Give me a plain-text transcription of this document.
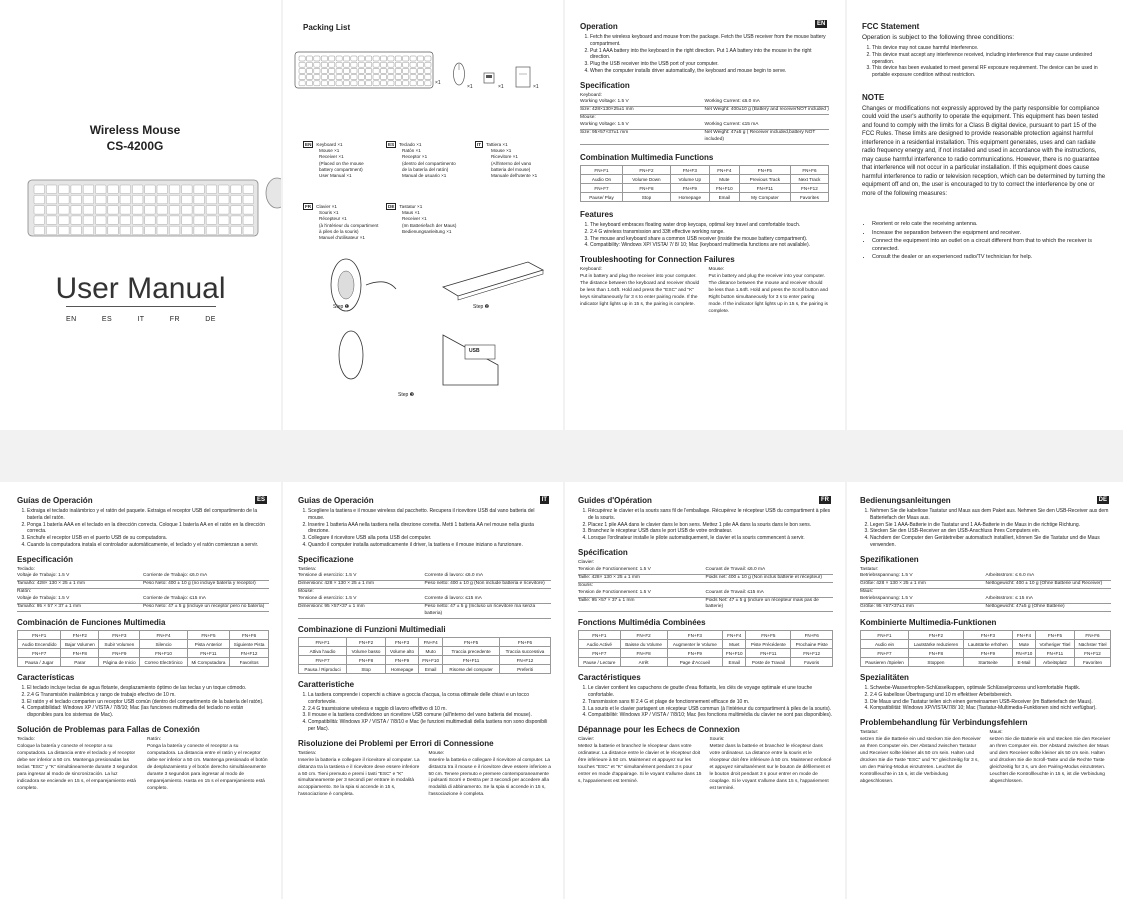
Wireless Mouse
CS-4200G
User Manual
EN	ES	IT	FR	DE
Packing List
×1
×1	×1	×1
EN Keyboard ×1
Mouse ×1
Receiver ×1
(Placed on the mouse
battery compartment)
User Manual ×1
ES Teclado ×1
Ratón ×1
Receptor ×1
(dentro del compartimento
de la batería del ratón)
Manual de usuario ×1
IT Tattiera ×1
Mouse ×1
Ricevitore ×1
(All'interno del vano
batteria del mouse)
Manuale dell'utente ×1
FR Clavier ×1
Souris ×1
Récepteur ×1
(à l'intérieur du compartiment
à piles de la souris)
Manuel d'utilisateur ×1
DE Tastatur ×1
Maus ×1
Receiver ×1
(Im Batteriefach der Maus)
Bedienungsanleitung ×1
Step ❶	Step ❷
USB
Step ❸
EN
Operation
1. Fetch the wireless keyboard and mouse from the package. Fetch the USB receiver from the mouse battery compartment.
2. Put 1 AAA battery into the keyboard in the right direction. Put 1 AA battery into the mouse in the right direction.
3. Plug the USB receiver into the USB port of your computer.
4. When the computer installs driver automatically, the keyboard and mouse begin to serve.
Specification
Keyboard:
Working Voltage: 1.5 V	Working Current: ≤6.0 mA
Size: 428×130×25±1 mm	Net Weight: 400±10 g (Battery and receiverNOT included )
Mouse:
Working Voltage: 1.5 V	Working Current: ≤15 mA
Size: 95×57×37±1 mm	Net Weight: 47±5 g ( Receiver included,battery NOT included)
Combination Multimedia Functions
FN+F1	FN+F2	FN+F3	FN+F4	FN+F5	FN+F6
Audio On	Volume Down	Volume Up	Mute	Previous Track	Next Track
FN+F7	FN+F8	FN+F9	FN+F10	FN+F11	FN+F12
Pause/ Play	Stop	Homepage	Email	My Computer	Favorites
Features
1. The keyboard embraces floating water drop keycaps, optimal key travel and comfortable touch.
2. 2.4 G wireless transmission and 33ft effective working range.
3. The mouse and keyboard share a common USB receiver (inside the mouse battery compartment).
4. Compatibility: Windows XP/ VISTA/ 7/ 8/ 10; Mac (keyboard multimedia functions are not available).
Troubleshooting for Connection Failures
Keyboard:
Put in battery and plug the receiver into your computer. The distance between the keyboard and receiver should be less than 1.64ft. Hold and press the "ESC" and "K" keys simultaneously for 3 s to enter pairing mode. If the indicator light lights up in 15 s, the pairing is complete.
Mouse:
Put in battery and plug the receiver into your computer. The distance between the mouse and receiver should be less than 1.64ft. Hold and press the Scroll button and Right button simultaneously for 3 s to enter paring mode. If the indicator light lights up in 15 s, the pairing is complete.
FCC Statement
Operation is subject to the following three conditions:
1. This device may not cause harmful interference.
2. This device must accept any interference received, including interference that may cause undesired operation.
3. This device has been evaluated to meet general RF exposure requirement. The device can be used in portable exposure condition without restriction.
NOTE
Changes or modifications not expressly approved by the party responsible for compliance could void the user's authority to operate the equipment. This equipment has been tested and found to comply with the limits for a Class B digital device, pursuant to part 15 of the FCC Rules. These limits are designed to provide reasonable protection against harmful interference in a residential installation. This equipment generates, uses and can radiate radio frequency energy and, if not installed and used in accordance with the instructions, may cause harmful interference to radio communications. However, there is no guarantee that interference will not occur in a particular installation. If this equipment does cause harmful interference to radio or television reception, which can be determined by turning the equipment off and on, the user is encouraged to try to correct the interference by one or more of the following measures:
• Reorient or relo cate the receiving antenna.
• Increase the separation between the equipment and receiver.
• Connect the equipment into an outlet on a circuit different from that to which the receiver is connected.
• Consult the dealer or an experienced radio/TV technician for help.
ES
Guías de Operación
1. Extraiga el teclado inalámbrico y el ratón del paquete. Extraiga el receptor USB del compartimento de la batería del ratón.
2. Ponga 1 batería AAA en el teclado en la dirección correcta. Coloque 1 batería AA en el ratón en la dirección correcta.
3. Enchufe el receptor USB en el puerto USB de su computadora.
4. Cuando la computadora instala el controlador automáticamente, el teclado y el ratón comienzan a servir.
Especificación
Teclado:
Voltaje de Trabajo: 1.5 V	Corriente de Trabajo: ≤6.0 mA
Tamaño: 428× 130 × 25 ± 1 mm	Peso Neto: 400 ± 10 g (no incluye batería y receptor)
Ratón:
Voltaje de Trabajo: 1.5 V	Corriente de Trabajo: ≤15 mA
Tamaño: 95 × 57 × 37 ± 1 mm	Peso Neto: 47 ± 5 g (incluye un receptor pero no batería)
Combinación de Funciones Multimedia
FN+F1	FN+F2	FN+F3	FN+F4	FN+F5	FN+F6
Audio Encendido	Bajar Volumen	Subir Volumen	Silencio	Pista Anterior	Siguiente Pista
FN+F7	FN+F8	FN+F9	FN+F10	FN+F11	FN+F12
Pausa / Jugar	Parar	Página de Inicio	Correo Electrónico	Mi Computadora	Favoritos
Características
1. El teclado incluye teclas de agua flotante, desplazamiento óptimo de las teclas y un toque cómodo.
2. 2.4 G Transmisión inalámbrica y rango de trabajo efectivo de 10 m.
3. El ratón y el teclado comparten un receptor USB común (dentro del compartimento de la batería del ratón).
4. Compatibilidad: Windows XP / VISTA / 7/8/10; Mac (las funciones multimedia del teclado no están disponibles para los sistemas de Mac).
Solución de Problemas para Fallas de Conexión
Teclado:
Coloque la batería y conecte el receptor a su computadora. La distancia entre el teclado y el receptor debe ser inferior a 50 cm. Mantenga presionadas las teclas "ESC" y "K" simultáneamente durante 3 segundos para ingresar al modo de sincronización. La luz indicadora se enciende en 15 s, el emparejamiento está completo.
Ratón:
Ponga la batería y conecte el receptor a su computadora. La distancia entre el ratón y el receptor debe ser inferior a 50 cm. Mantenga presionado el botón de desplazamiento y el botón derecho simultáneamente durante 3 segundos para ingresar al modo de emparejamiento. Hasta en 15 s el emparejamiento está completo.
IT
Guias de Operación
1. Scegliere la tastiera e il mouse wireless dal pacchetto. Recupera il ricevitore USB dal vano batteria del mouse.
2. Inserire 1 batteria AAA nella tastiera nella direzione corretta. Metti 1 batteria AA nel mouse nella giusta direzione.
3. Collegare il ricevitore USB alla porta USB del computer.
4. Quando il computer installa automaticamente il driver, la tastiera e il mouse iniziano a funzionare.
Specificazione
Tastiera:
Tensione di esercizio: 1.5 V	Corrente di lavoro: ≤6.0 mA
Dimensioni: 428 × 130 × 25 ± 1 mm	Peso netto: 400 ± 10 g (Non include batteria e ricevitore)
Mouse:
Tensione di esercizio: 1.5 V	Corrente di lavoro: ≤15 mA
Dimensioni: 95 ×57×37 ± 1 mm	Peso netto: 47 ± 5 g (Incluso un ricevitore ma senza batteria)
Combinazione di Funzioni Multimediali
FN+F1	FN+F2	FN+F3	FN+F4	FN+F5	FN+F6
Attiva l'audio	Volume basso	Volume alto	Muto	Traccia precedente	Traccia successiva
FN+F7	FN+F8	FN+F9	FN+F10	FN+F11	FN+F12
Pausa / Riproduci	Stop	Homepage	Email	Risorse del computer	Preferiti
Caratteristiche
1. La tastiera comprende i coperchi a chiave a goccia d'acqua, la corsa ottimale delle chiavi e un tocco confortevole.
2. 2.4 G trasmissione wireless e raggio di lavoro effettivo di 10 m.
3. Il mouse e la tastiera condividono un ricevitore USB comune (all'interno del vano batteria del mouse).
4. Compatibilità: Windows XP / VISTA / 7/8/10 e Mac (le funzioni multimediali della tastiera non sono disponibili per Mac).
Risoluzione dei Problemi per Errori di Connessione
Tastiera:
Inserire la batteria e collegare il ricevitore al computer. La distanza tra la tastiera e il ricevitore deve essere inferiore a 50 cm. Tieni premuto e premi i tasti "ESC" e "K" simultaneamente per 3 secondi per entrare in modalità accoppiamento. Se la spia si accende in 15 s, l'associazione è completa.
Mouse:
Inserire la batteria e collegare il ricevitore al computer. La distanza tra il mouse e il ricevitore deve essere inferiore a 50 cm. Tenere premuto e premere contemporaneamente i pulsanti Scorri e Destra per 3 secondi per accedere alla modalità di abbinamento. Se la spia si accende in 15 s, l'associazione è completa.
FR
Guides d'Opération
1. Récupérez le clavier et la souris sans fil de l'emballage. Récupérez le récepteur USB du compartiment à piles de la souris.
2. Placez 1 pile AAA dans le clavier dans le bon sens. Mettez 1 pile AA dans la souris dans le bon sens.
3. Branchez le récepteur USB dans le port USB de votre ordinateur.
4. Lorsque l'ordinateur installe le pilote automatiquement, le clavier et la souris commencent à servir.
Spécification
Clavier:
Tension de Fonctionnement: 1.5 V	Courant de Travail: ≤6.0 mA
Taille: 428× 130 × 25 ± 1 mm	Poids net: 400 ± 10 g (Non inclus batterie et récepteur)
Souris:
Tension de Fonctionnement: 1.5 V	Courant de Travail: ≤15 mA
Taille: 95 ×57 × 37 ± 1 mm	Poids Net: 47 ± 5 g (inclure un récepteur mais pas de batterie)
Fonctions Multimédia Combinées
FN+F1	FN+F2	FN+F3	FN+F4	FN+F5	FN+F6
Audio Activé	Baisse du Volume	Augmenter le Volume	Muet	Piste Précédente	Prochaine Piste
FN+F7	FN+F8	FN+F9	FN+F10	FN+F11	FN+F12
Pause / Lecture	Arrêt	Page d'Accueil	Email	Poste de Travail	Favoris
Caractéristiques
1. Le clavier contient les capuchons de goutte d'eau flottants, les clés de voyage optimale et une touche confortable.
2. Transmission sans fil 2.4 G et plage de fonctionnement efficace de 10 m.
3. La souris et le clavier partagent un récepteur USB commun (à l'intérieur du compartiment à piles de la souris).
4. Compatibilité: Windows XP / VISTA / 7/8/10; Mac (les fonctions multimédia du clavier ne sont pas disponibles).
Dépannage pour les Echecs de Connexion
Clavier:
Mettez la batterie et branchez le récepteur dans votre ordinateur. La distance entre le clavier et le récepteur doit être inférieure à 50 cm. Maintenez et appuyez sur les touches "ESC" et "K" simultanément pendant 3 s pour entrer en mode d'appairage. Si le voyant s'allume dans 15 s, l'appariement est terminé.
Souris:
Mettez dans la batterie et branchez le récepteur dans votre ordinateur. La distance entre la souris et le récepteur doit être inférieure à 50 cm. Maintenez enfoncé et appuyez simultanément sur le bouton de défilement et le bouton droit pendant 3 s pour entrer en mode de couplage. Si le voyant s'allume dans 15 s, l'appariement est terminé.
DE
Bedienungsanleitungen
1. Nehmen Sie die kabellose Tastatur und Maus aus dem Paket aus. Nehmen Sie den USB-Receiver aus dem Batteriefach der Maus aus.
2. Legen Sie 1 AAA-Batterie in die Tastatur und 1 AA-Batterie in die Maus in die richtige Richtung.
3. Stecken Sie den USB-Receiver an den USB-Anschluss Ihres Computers ein.
4. Nachdem der Computer den Gerätetreiber automatisch installiert, können Sie die Tastatur und die Maus verwenden.
Spezifikationen
Tastatur:
Betriebsspannung: 1.5 V	Arbeitsstrom: ≤ 6.0 mA
Größe: 428 × 130 × 25 ± 1 mm	Nettogewicht: 400 ± 10 g (Ohne Batterie und Receiver)
Maus:
Betriebsspannung: 1.5 V	Arbeitsstrom: ≤ 15 mA
Größe: 95 ×57×37±1 mm	Nettogewicht: 47±5 g (Ohne Batterie)
Kombinierte Multimedia-Funktionen
FN+F1	FN+F2	FN+F3	FN+F4	FN+F5	FN+F6
Audio ein	Lautstärke reduzieren	Lautstärke erhöhen	Mute	Vorheriger Titel	Nächster Titel
FN+F7	FN+F8	FN+F9	FN+F10	FN+F11	FN+F12
Pausieren /Spielen	Stoppen	Startseite	E-Mail	Arbeitsplatz	Favoriten
Spezialitäten
1. Schwebe-Wassertropfen-Schlüsselkappen, optimale Schlüsselprozess und komfortable Haptik.
2. 2.4 G kabellose Übertragung und 10 m effektiver Arbeitsbereich.
3. Die Maus und die Tastatur teilen sich einen gemeinsamen USB-Receiver (im Batteriefach der Maus).
4. Kompatibilität: Windows XP/VISTA/7/8/ 10; Mac (Tastatur-Multimedia-Funktionen sind nicht verfügbar).
Problembehandlung für Verbindungsfehlern
Tastatur:
setzen Sie die Batterie ein und stecken Sie den Receiver an Ihren Computer ein. Der Abstand zwischen Tastatur und Receiver sollte kleiner als 50 cm sein. Halten und drücken Sie die Taste "ESC" und "K" gleichzeitig für 3 s, um den Pairing-Modus einzutreten. Leuchtet die Kontrollleuchte in 15 s, ist die Verbindung abgeschlossen.
Maus:
setzen Sie die Batterie ein und stecken Sie den Receiver an Ihren Computer ein. Der Abstand zwischen der Maus und dem Receiver sollte kleiner als 50 cm sein. Halten und drücken Sie die Scroll-Taste und die Rechte Taste gleichzeitig für 3 s, um den Pairing-Modus einzutreten. Leuchtet die Kontrollleuchte in 15 s, ist die Verbindung abgeschlossen.
